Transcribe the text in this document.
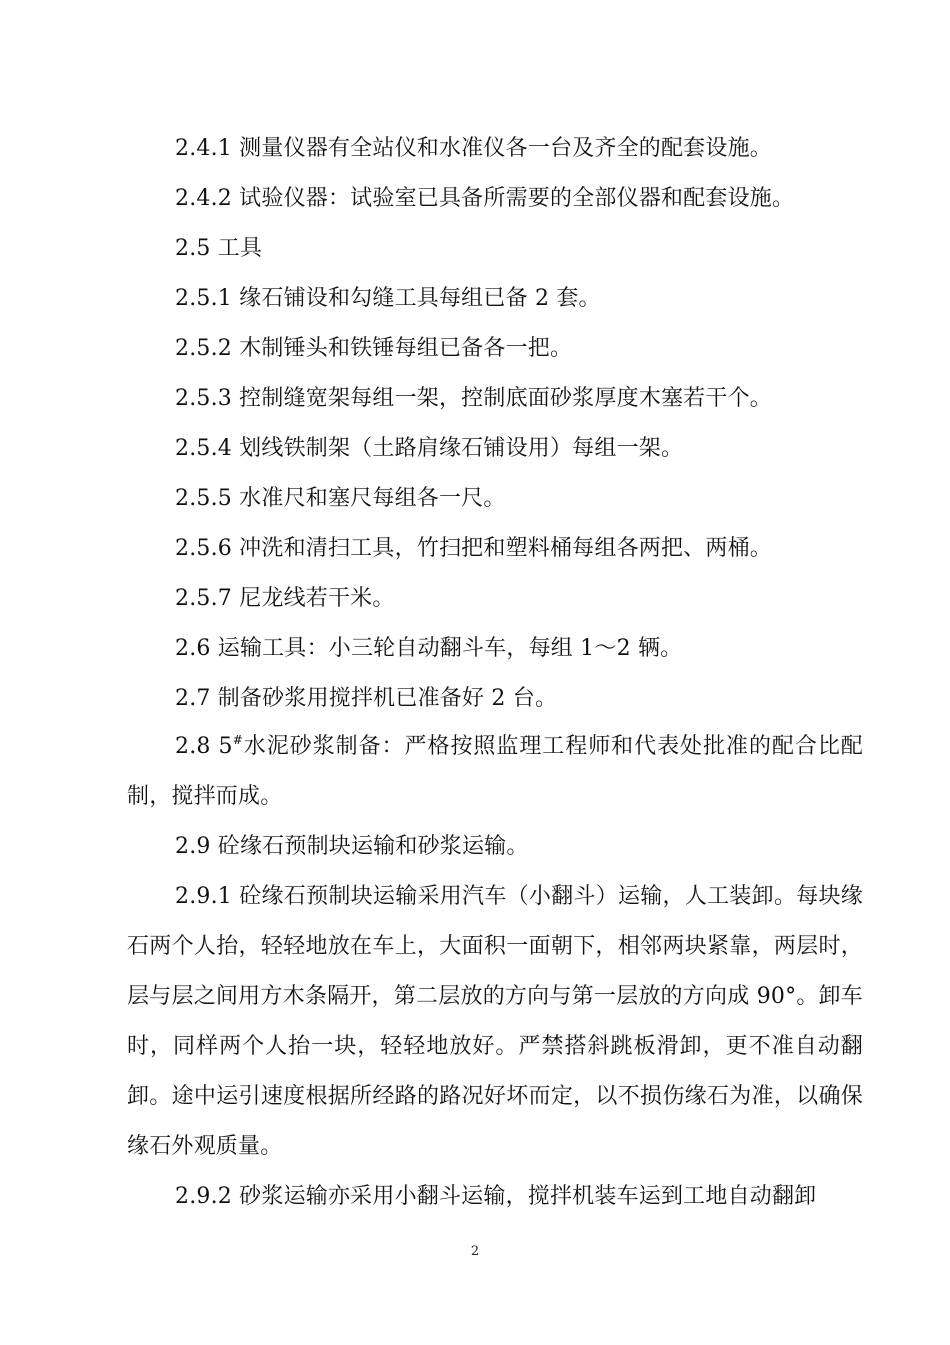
2.4.1 测量仪器有全站仪和水准仪各一台及齐全的配套设施。
2.4.2 试验仪器：试验室已具备所需要的全部仪器和配套设施。
2.5 工具
2.5.1 缘石铺设和勾缝工具每组已备 2 套。
2.5.2 木制锤头和铁锤每组已备各一把。
2.5.3 控制缝宽架每组一架，控制底面砂浆厚度木塞若干个。
2.5.4 划线铁制架（土路肩缘石铺设用）每组一架。
2.5.5 水准尺和塞尺每组各一尺。
2.5.6 冲洗和清扫工具，竹扫把和塑料桶每组各两把、两桶。
2.5.7 尼龙线若干米。
2.6 运输工具：小三轮自动翻斗车，每组 1～2 辆。
2.7 制备砂浆用搅拌机已准备好 2 台。
2.8 5#水泥砂浆制备：严格按照监理工程师和代表处批准的配合比配制，搅拌而成。
2.9 砼缘石预制块运输和砂浆运输。
2.9.1 砼缘石预制块运输采用汽车（小翻斗）运输，人工装卸。每块缘石两个人抬，轻轻地放在车上，大面积一面朝下，相邻两块紧靠，两层时，层与层之间用方木条隔开，第二层放的方向与第一层放的方向成 90°。卸车时，同样两个人抬一块，轻轻地放好。严禁搭斜跳板滑卸，更不准自动翻卸。途中运引速度根据所经路的路况好坏而定，以不损伤缘石为准，以确保缘石外观质量。
2.9.2 砂浆运输亦采用小翻斗运输，搅拌机装车运到工地自动翻卸
2
